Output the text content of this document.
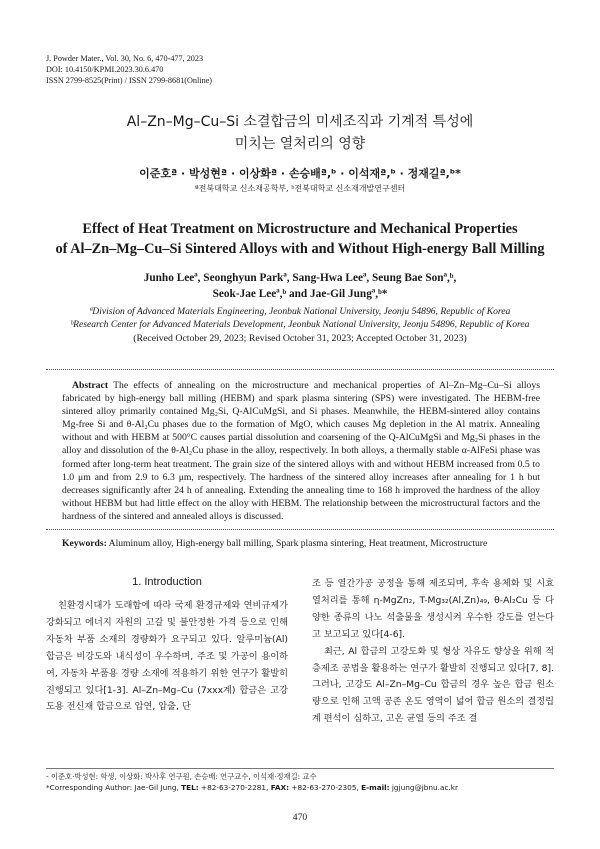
J. Powder Mater., Vol. 30, No. 6, 470-477, 2023
DOI: 10.4150/KPMI.2023.30.6.470
ISSN 2799-8525(Print) / ISSN 2799-8681(Online)
Al–Zn–Mg–Cu–Si 소결합금의 미세조직과 기계적 특성에
미치는 열처리의 영향
이준호ª · 박성현ª · 이상화ª · 손승배ª,ᵇ · 이석재ª,ᵇ · 정재길ª,ᵇ*
ª전북대학교 신소재공학부, ᵇ전북대학교 신소재개발연구센터
Effect of Heat Treatment on Microstructure and Mechanical Properties
of Al–Zn–Mg–Cu–Si Sintered Alloys with and Without High-energy Ball Milling
Junho Leeª, Seonghyun Parkª, Sang-Hwa Leeª, Seung Bae Sonª,ᵇ,
Seok-Jae Leeª,ᵇ and Jae-Gil Jungª,ᵇ*
ªDivision of Advanced Materials Engineering, Jeonbuk National University, Jeonju 54896, Republic of Korea
ᵇResearch Center for Advanced Materials Development, Jeonbuk National University, Jeonju 54896, Republic of Korea
(Received October 29, 2023; Revised October 31, 2023; Accepted October 31, 2023)
Abstract The effects of annealing on the microstructure and mechanical properties of Al–Zn–Mg–Cu–Si alloys fabricated by high-energy ball milling (HEBM) and spark plasma sintering (SPS) were investigated. The HEBM-free sintered alloy primarily contained Mg₂Si, Q-AlCuMgSi, and Si phases. Meanwhile, the HEBM-sintered alloy contains Mg-free Si and θ-Al₂Cu phases due to the formation of MgO, which causes Mg depletion in the Al matrix. Annealing without and with HEBM at 500°C causes partial dissolution and coarsening of the Q-AlCuMgSi and Mg₂Si phases in the alloy and dissolution of the θ-Al₂Cu phase in the alloy, respectively. In both alloys, a thermally stable α-AlFeSi phase was formed after long-term heat treatment. The grain size of the sintered alloys with and without HEBM increased from 0.5 to 1.0 μm and from 2.9 to 6.3 μm, respectively. The hardness of the sintered alloy increases after annealing for 1 h but decreases significantly after 24 h of annealing. Extending the annealing time to 168 h improved the hardness of the alloy without HEBM but had little effect on the alloy with HEBM. The relationship between the microstructural factors and the hardness of the sintered and annealed alloys is discussed.
Keywords: Aluminum alloy, High-energy ball milling, Spark plasma sintering, Heat treatment, Microstructure
1. Introduction

친환경시대가 도래함에 따라 국제 환경규제와 연비규제가 강화되고 에너지 자원의 고갈 및 불안정한 가격 등으로 인해 자동차 부품 소재의 경량화가 요구되고 있다. 알루미늄(Al) 합금은 비강도와 내식성이 우수하며, 주조 및 가공이 용이하여, 자동차 부품용 경량 소재에 적용하기 위한 연구가 활발히 진행되고 있다[1-3]. Al–Zn–Mg–Cu (7xxx계) 합금은 고강도용 전신재 합금으로 압연, 압출, 단

조 등 열간가공 공정을 통해 제조되며, 후속 용체화 및 시효 열처리를 통해 η-MgZn₂, T-Mg₃₂(Al,Zn)₄₉, θ-Al₂Cu 등 다양한 종류의 나노 석출물을 생성시켜 우수한 강도를 얻는다고 보고되고 있다[4-6].

최근, Al 합금의 고강도화 및 형상 자유도 향상을 위해 적층제조 공법을 활용하는 연구가 활발히 진행되고 있다[7, 8]. 그러나, 고강도 Al–Zn–Mg–Cu 합금의 경우 높은 합금 원소량으로 인해 고액 공존 온도 영역이 넓어 합금 원소의 결정립계 편석이 심하고, 고온 균열 등의 주조 결

- 이준호·박성현: 학생, 이상화: 박사후 연구원, 손승배: 연구교수, 이석재·정재길: 교수
*Corresponding Author: Jae-Gil Jung, TEL: +82-63-270-2281, FAX: +82-63-270-2305, E-mail: jgjung@jbnu.ac.kr
470
